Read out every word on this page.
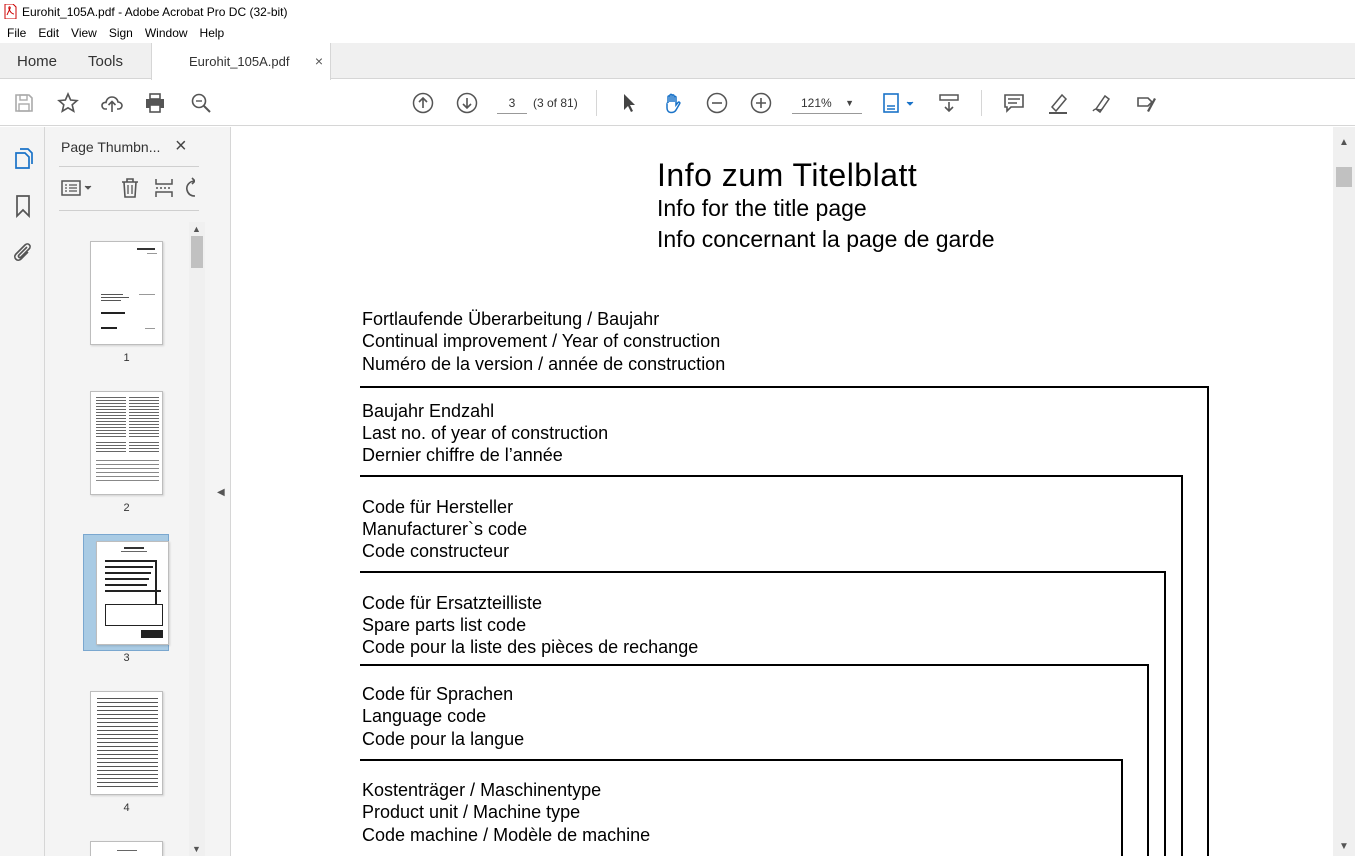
Eurohit_105A.pdf - Adobe Acrobat Pro DC (32-bit)
File	Edit	View	Sign	Window	Help
Home Tools	Eurohit_105A.pdf ×
3	(3 of 81)	121% ▼
Page Thumbn... ×
1
2
3
4
▲
▼
◀
Info zum Titelblatt
Info for the title page
Info concernant la page de garde
Fortlaufende Überarbeitung / Baujahr
Continual improvement / Year of construction
Numéro de la version / année de construction
Baujahr Endzahl
Last no. of year of construction
Dernier chiffre de l’année
Code für Hersteller
Manufacturer`s code
Code constructeur
Code für Ersatzteilliste
Spare parts list code
Code pour la liste des pièces de rechange
Code für Sprachen
Language code
Code pour la langue
Kostenträger / Maschinentype
Product unit / Machine type
Code machine / Modèle de machine
▲
▼
